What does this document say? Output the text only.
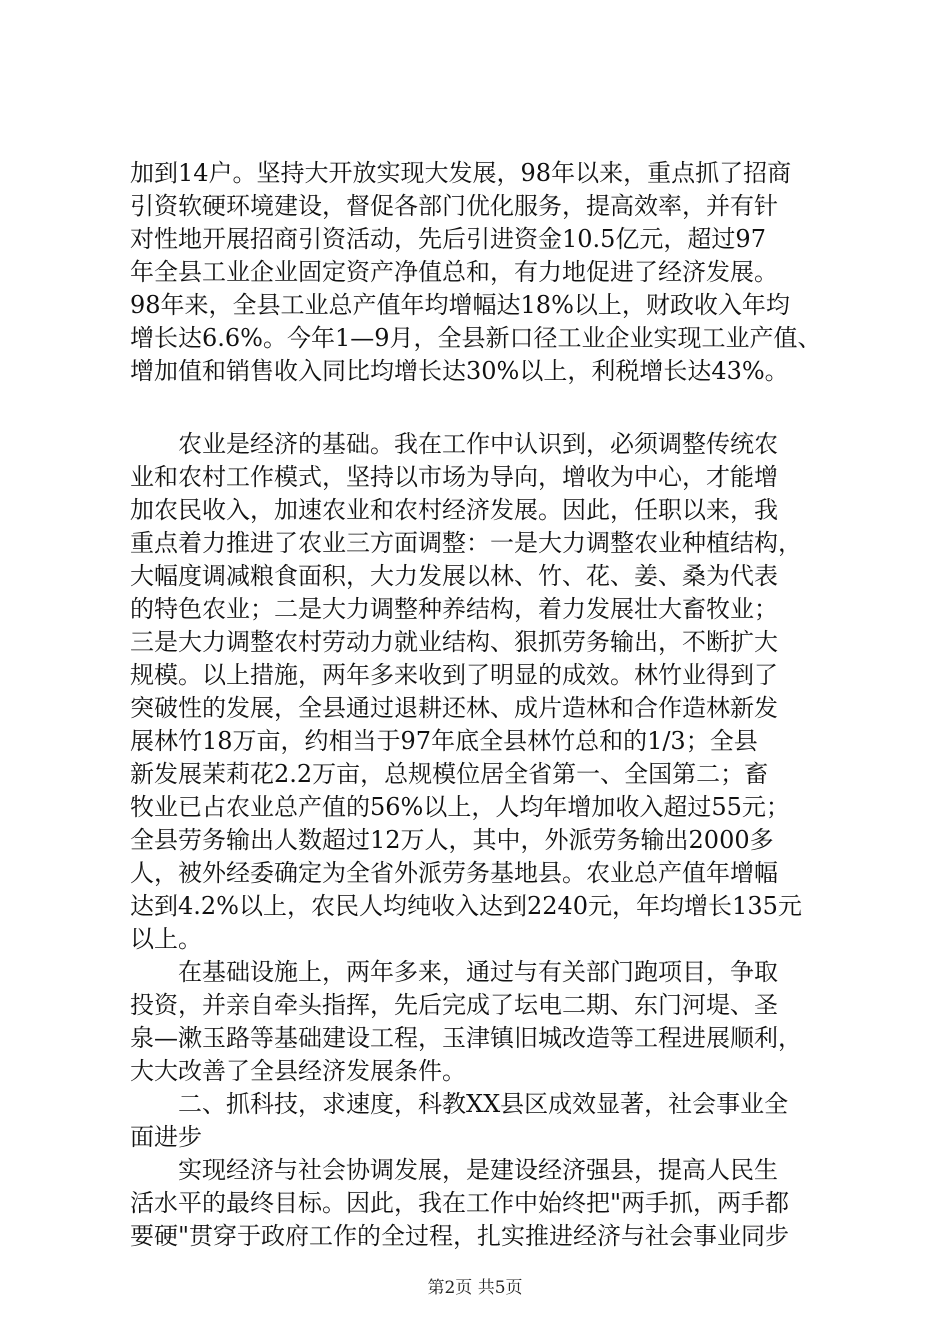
加到14户。坚持大开放实现大发展，98年以来，重点抓了招商
引资软硬环境建设，督促各部门优化服务，提高效率，并有针
对性地开展招商引资活动，先后引进资金10.5亿元，超过97
年全县工业企业固定资产净值总和，有力地促进了经济发展。
98年来，全县工业总产值年均增幅达18%以上，财政收入年均
增长达6.6%。今年1—9月，全县新口径工业企业实现工业产值、
增加值和销售收入同比均增长达30%以上，利税增长达43%。
农业是经济的基础。我在工作中认识到，必须调整传统农
业和农村工作模式，坚持以市场为导向，增收为中心，才能增
加农民收入，加速农业和农村经济发展。因此，任职以来，我
重点着力推进了农业三方面调整：一是大力调整农业种植结构，
大幅度调减粮食面积，大力发展以林、竹、花、姜、桑为代表
的特色农业；二是大力调整种养结构，着力发展壮大畜牧业；
三是大力调整农村劳动力就业结构、狠抓劳务输出，不断扩大
规模。以上措施，两年多来收到了明显的成效。林竹业得到了
突破性的发展，全县通过退耕还林、成片造林和合作造林新发
展林竹18万亩，约相当于97年底全县林竹总和的1/3；全县
新发展茉莉花2.2万亩，总规模位居全省第一、全国第二；畜
牧业已占农业总产值的56%以上，人均年增加收入超过55元；
全县劳务输出人数超过12万人，其中，外派劳务输出2000多
人，被外经委确定为全省外派劳务基地县。农业总产值年增幅
达到4.2%以上，农民人均纯收入达到2240元，年均增长135元
以上。
在基础设施上，两年多来，通过与有关部门跑项目，争取
投资，并亲自牵头指挥，先后完成了坛电二期、东门河堤、圣
泉—漱玉路等基础建设工程，玉津镇旧城改造等工程进展顺利，
大大改善了全县经济发展条件。
二、抓科技，求速度，科教XX县区成效显著，社会事业全
面进步
实现经济与社会协调发展，是建设经济强县，提高人民生
活水平的最终目标。因此，我在工作中始终把"两手抓，两手都
要硬"贯穿于政府工作的全过程，扎实推进经济与社会事业同步
第2页 共5页
